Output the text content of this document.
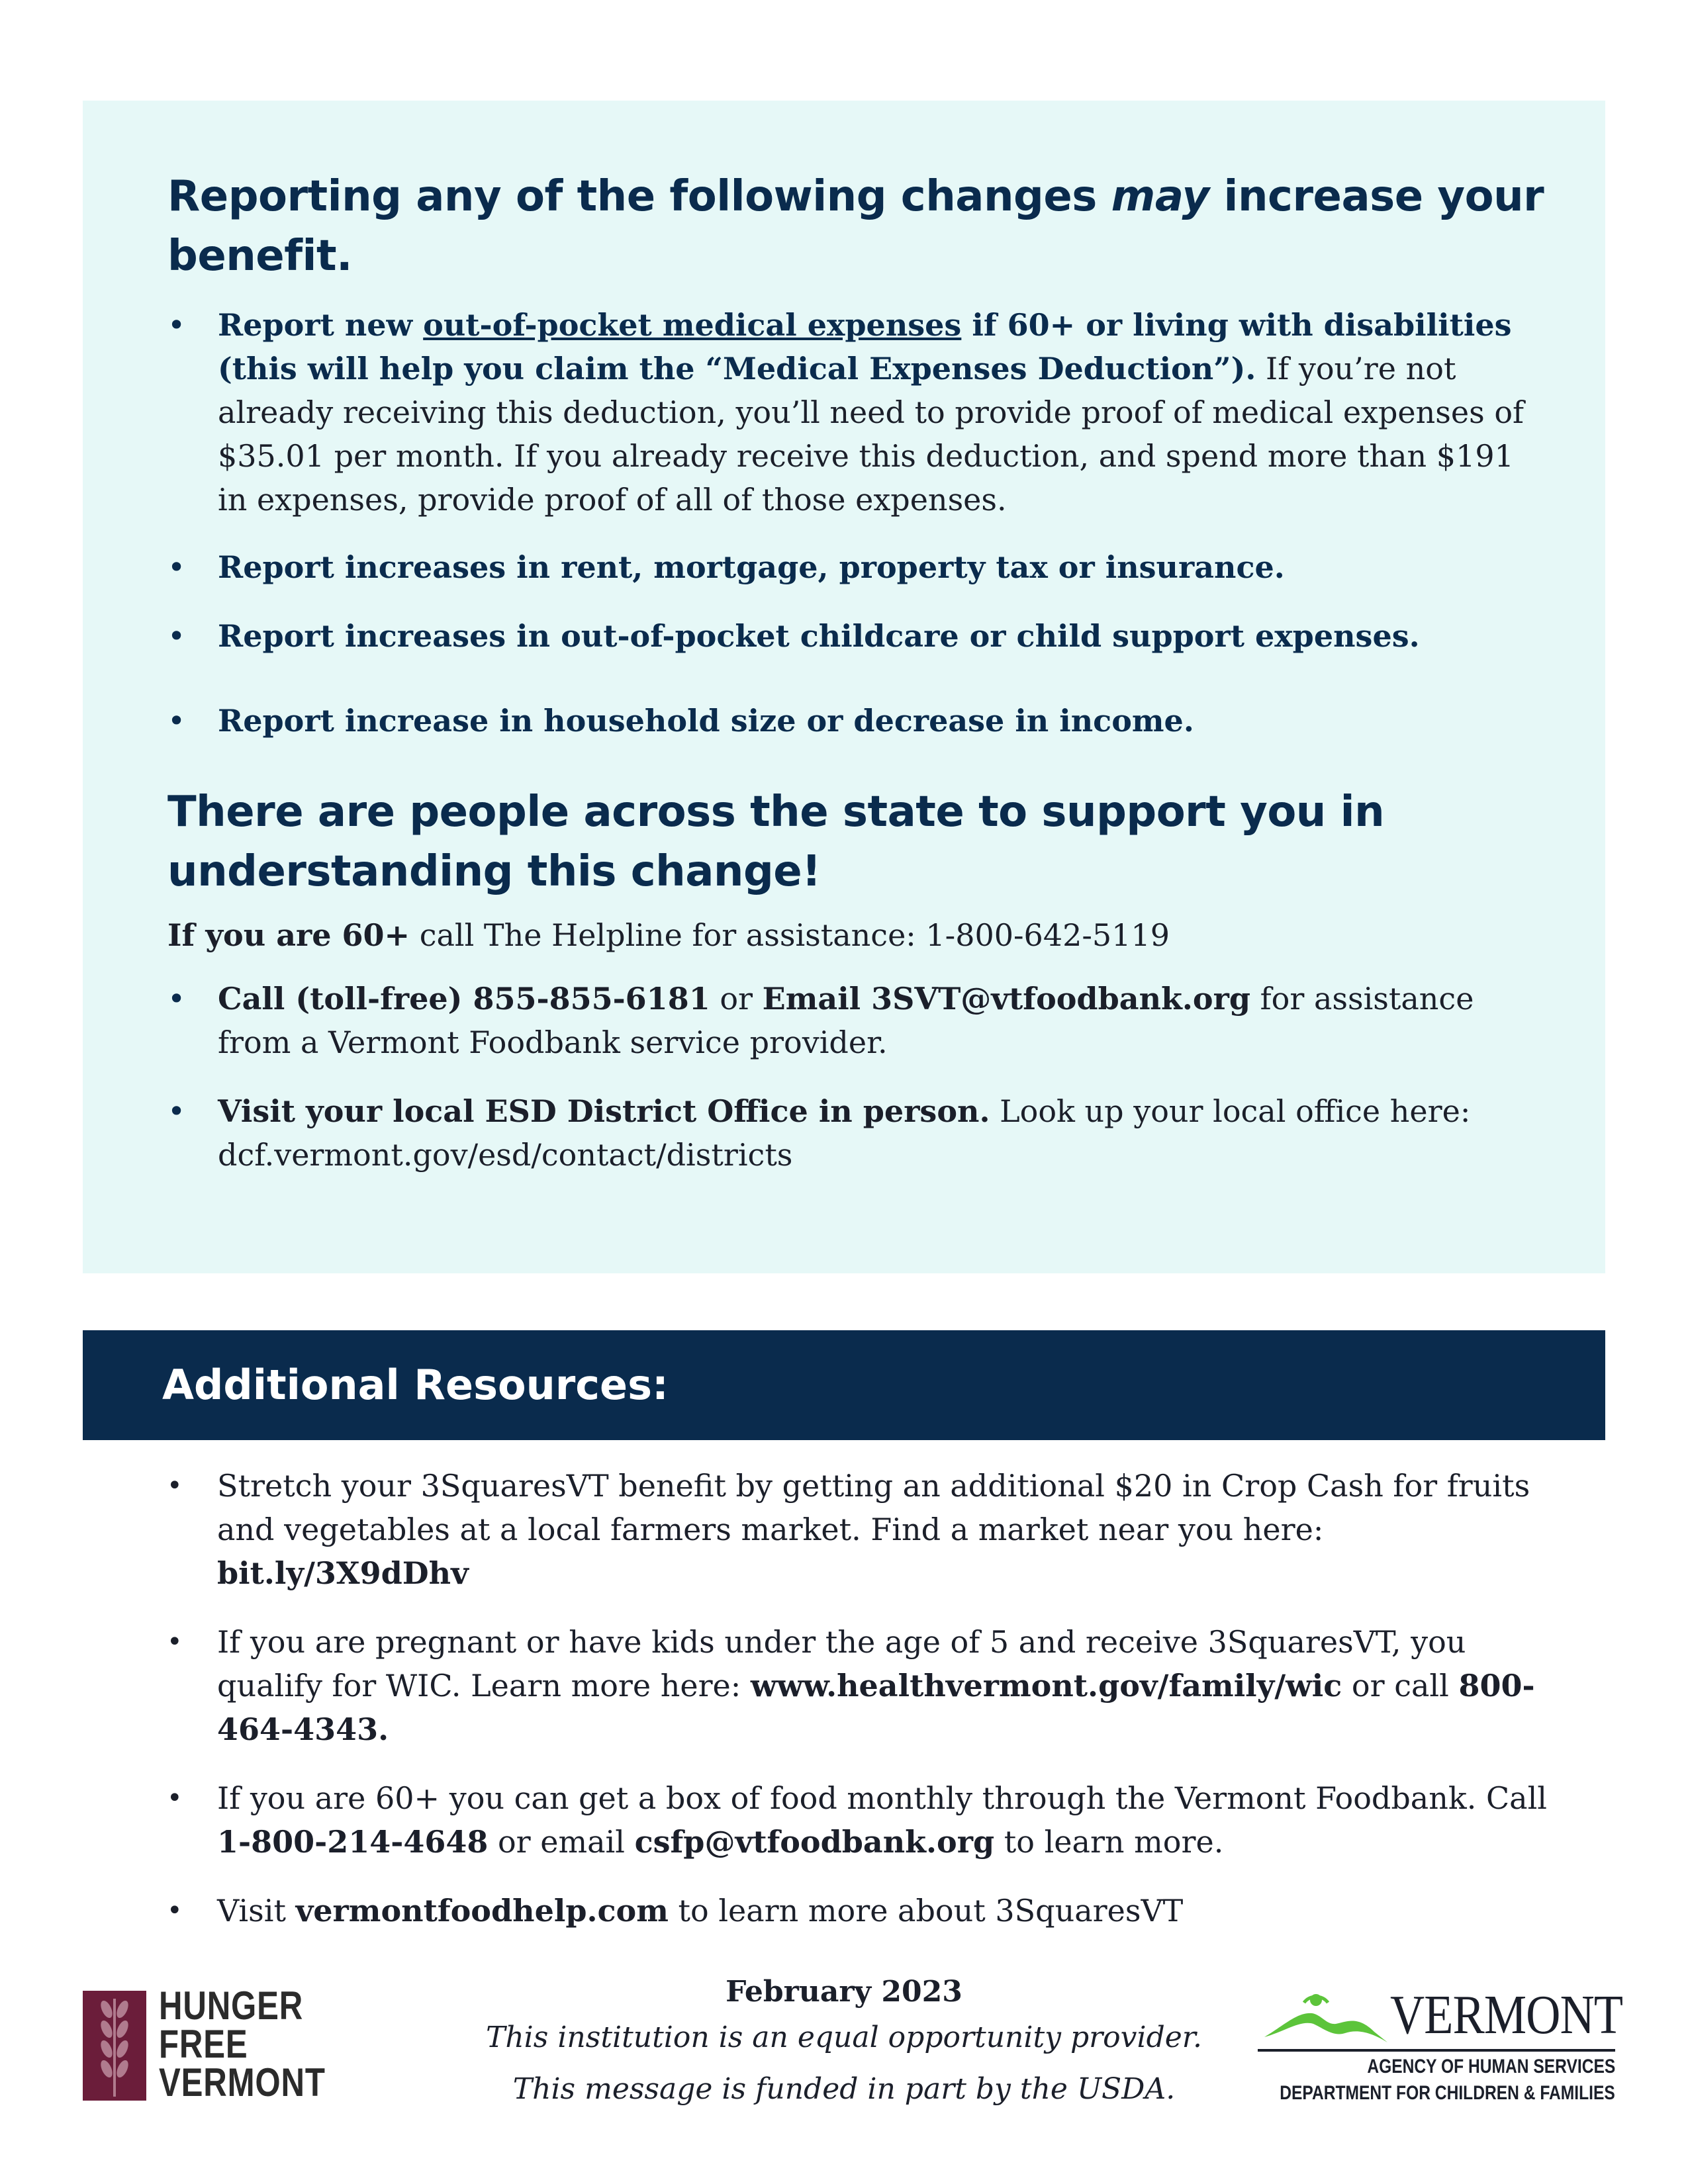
Reporting any of the following changes may increase your benefit.
• Report new out-of-pocket medical expenses if 60+ or living with disabilities (this will help you claim the “Medical Expenses Deduction”). If you’re not already receiving this deduction, you’ll need to provide proof of medical expenses of $35.01 per month. If you already receive this deduction, and spend more than $191 in expenses, provide proof of all of those expenses.
• Report increases in rent, mortgage, property tax or insurance.
• Report increases in out-of-pocket childcare or child support expenses.
• Report increase in household size or decrease in income.
There are people across the state to support you in understanding this change!

If you are 60+ call The Helpline for assistance: 1-800-642-5119

• Call (toll-free) 855-855-6181 or Email 3SVT@vtfoodbank.org for assistance from a Vermont Foodbank service provider.
• Visit your local ESD District Office in person. Look up your local office here: dcf.vermont.gov/esd/contact/districts
Additional Resources:
• Stretch your 3SquaresVT benefit by getting an additional $20 in Crop Cash for fruits and vegetables at a local farmers market. Find a market near you here: bit.ly/3X9dDhv
• If you are pregnant or have kids under the age of 5 and receive 3SquaresVT, you qualify for WIC. Learn more here: www.healthvermont.gov/family/wic or call 800-464-4343.
• If you are 60+ you can get a box of food monthly through the Vermont Foodbank. Call 1-800-214-4648 or email csfp@vtfoodbank.org to learn more.
• Visit vermontfoodhelp.com to learn more about 3SquaresVT
HUNGER
FREE
VERMONT
February 2023
This institution is an equal opportunity provider.
This message is funded in part by the USDA.
VERMONT
AGENCY OF HUMAN SERVICES
DEPARTMENT FOR CHILDREN & FAMILIES
